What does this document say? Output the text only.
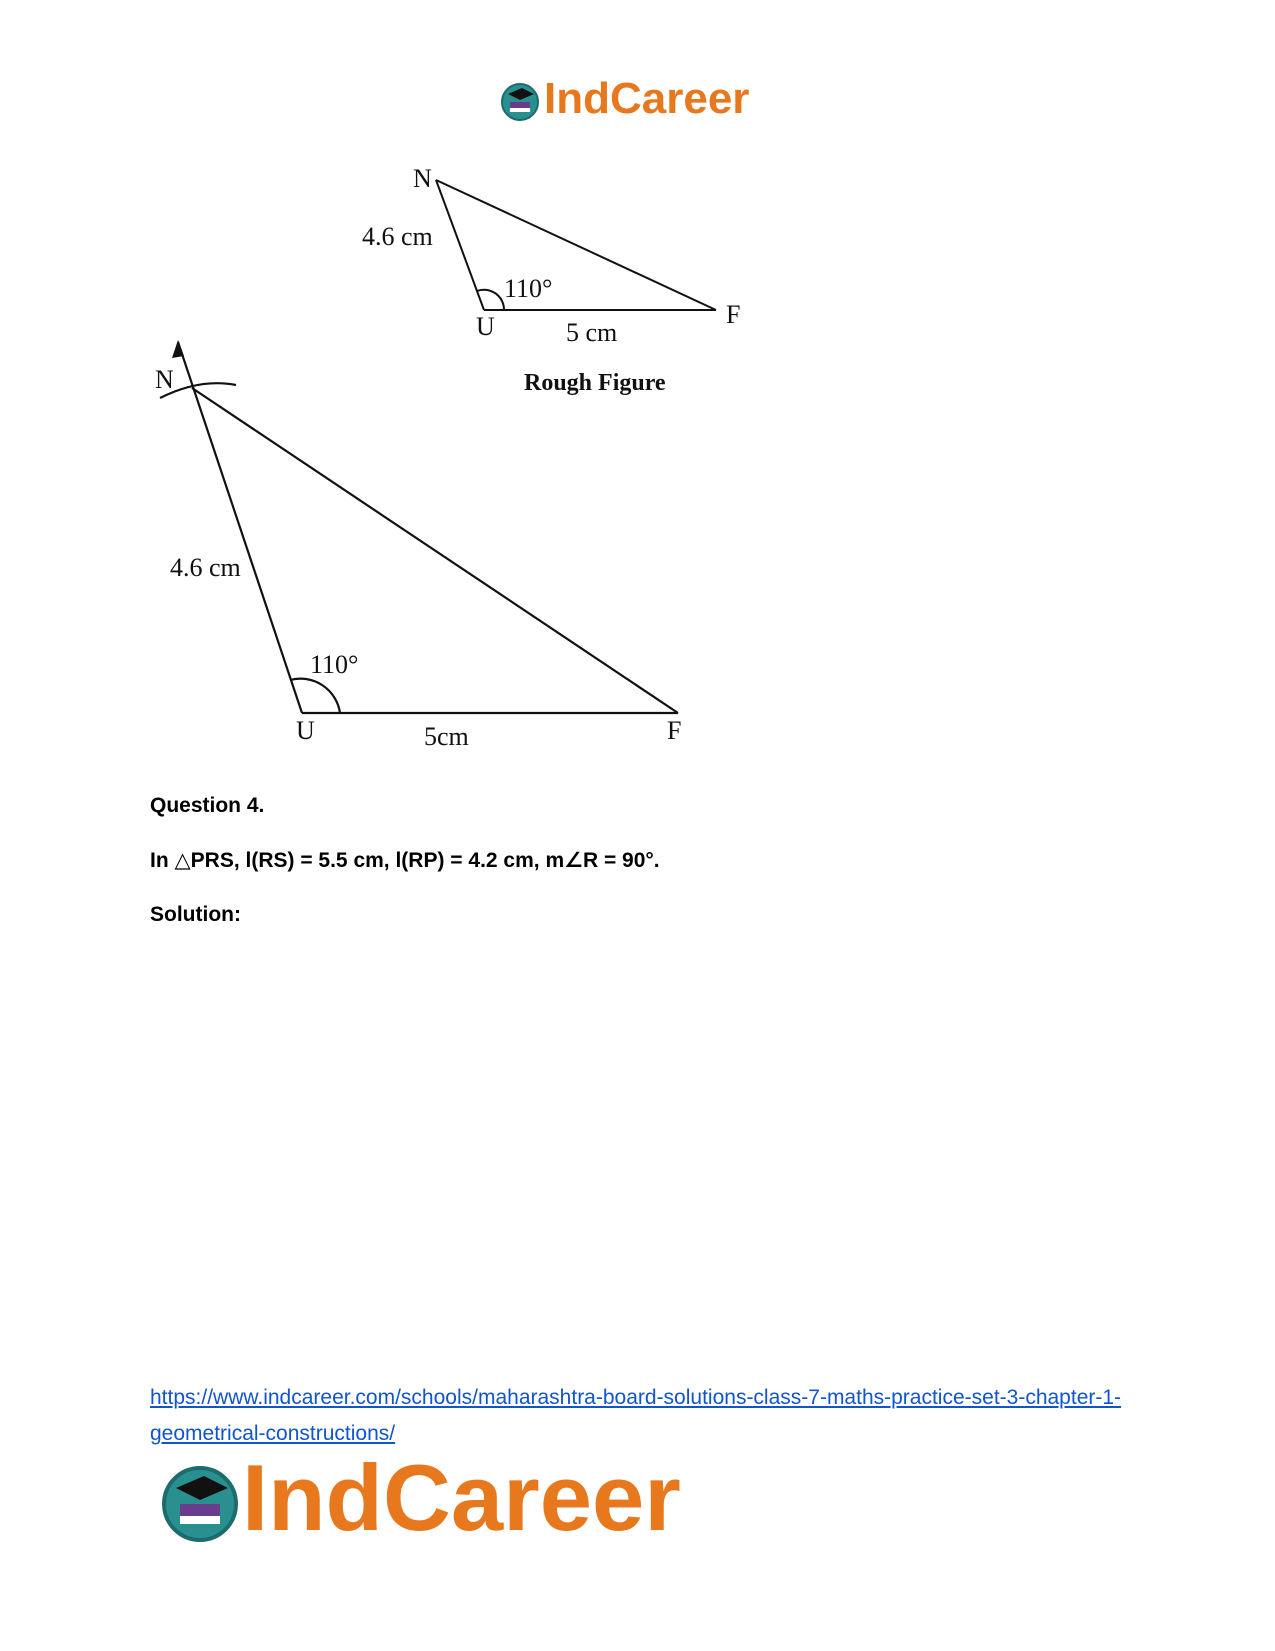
IndCareer
N
4.6 cm
110°
U	5 cm
F
Rough Figure
N
4.6 cm
110°
U	5cm	F
Question 4.
In △PRS, l(RS) = 5.5 cm, l(RP) = 4.2 cm, m∠R = 90°.
Solution:
https://www.indcareer.com/schools/maharashtra-board-solutions-class-7-maths-practice-set-3-chapter-1-geometrical-constructions/
IndCareer
